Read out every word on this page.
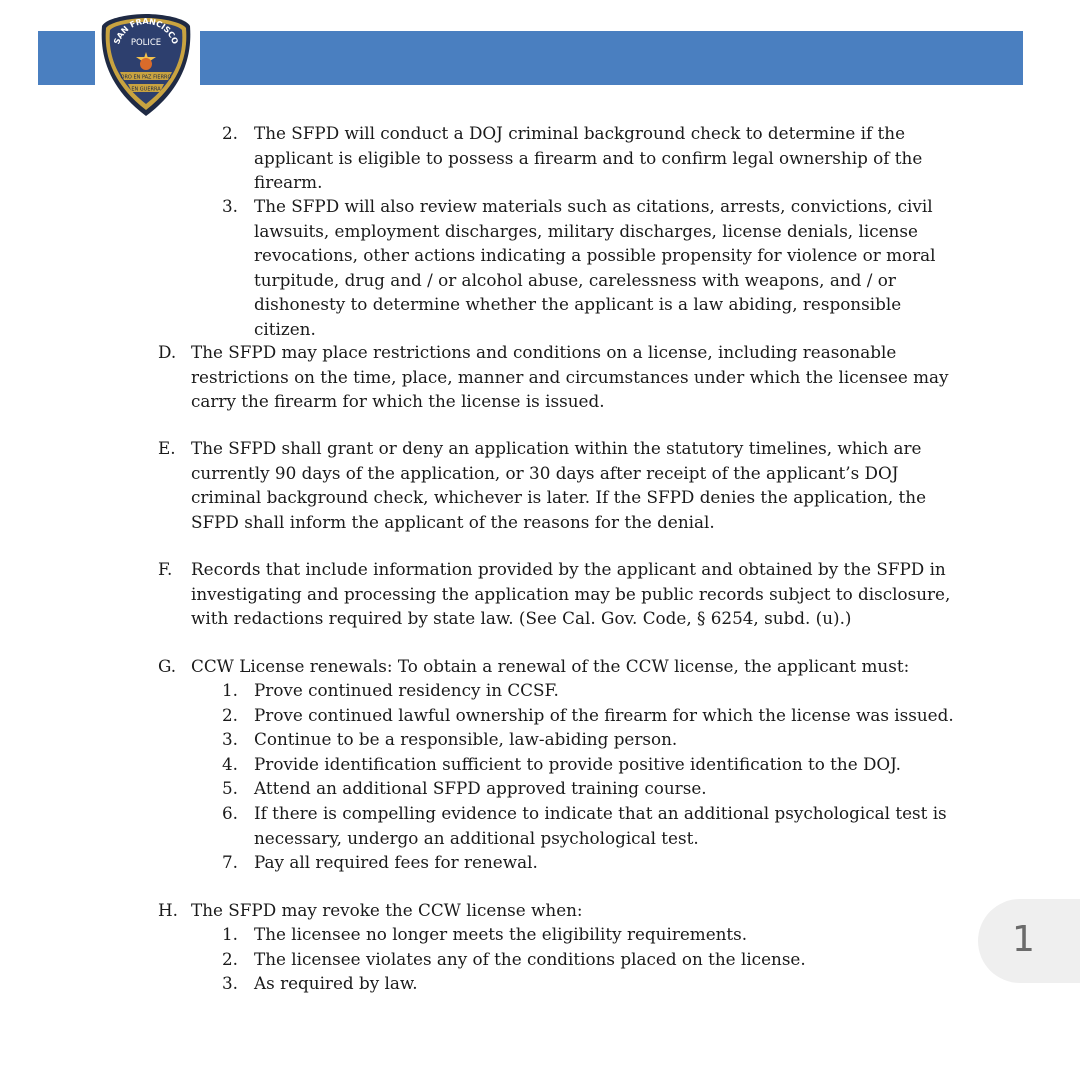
SAN FRANCISCO
POLICE
ORO EN PAZ FIERRO
EN GUERRA
2. The SFPD will conduct a DOJ criminal background check to determine if the applicant is eligible to possess a firearm and to confirm legal ownership of the firearm.
3. The SFPD will also review materials such as citations, arrests, convictions, civil lawsuits, employment discharges, military discharges, license denials, license revocations, other actions indicating a possible propensity for violence or moral turpitude, drug and / or alcohol abuse, carelessness with weapons, and / or dishonesty to determine whether the applicant is a law abiding, responsible citizen.
D. The SFPD may place restrictions and conditions on a license, including reasonable restrictions on the time, place, manner and circumstances under which the licensee may carry the firearm for which the license is issued.
E. The SFPD shall grant or deny an application within the statutory timelines, which are currently 90 days of the application, or 30 days after receipt of the applicant’s DOJ criminal background check, whichever is later. If the SFPD denies the application, the SFPD shall inform the applicant of the reasons for the denial.
F. Records that include information provided by the applicant and obtained by the SFPD in investigating and processing the application may be public records subject to disclosure, with redactions required by state law. (See Cal. Gov. Code, § 6254, subd. (u).)
G. CCW License renewals: To obtain a renewal of the CCW license, the applicant must:
1. Prove continued residency in CCSF.
2. Prove continued lawful ownership of the firearm for which the license was issued.
3. Continue to be a responsible, law-abiding person.
4. Provide identification sufficient to provide positive identification to the DOJ.
5. Attend an additional SFPD approved training course.
6. If there is compelling evidence to indicate that an additional psychological test is necessary, undergo an additional psychological test.
7. Pay all required fees for renewal.
H. The SFPD may revoke the CCW license when:
1. The licensee no longer meets the eligibility requirements.
2. The licensee violates any of the conditions placed on the license.
3. As required by law.
1
